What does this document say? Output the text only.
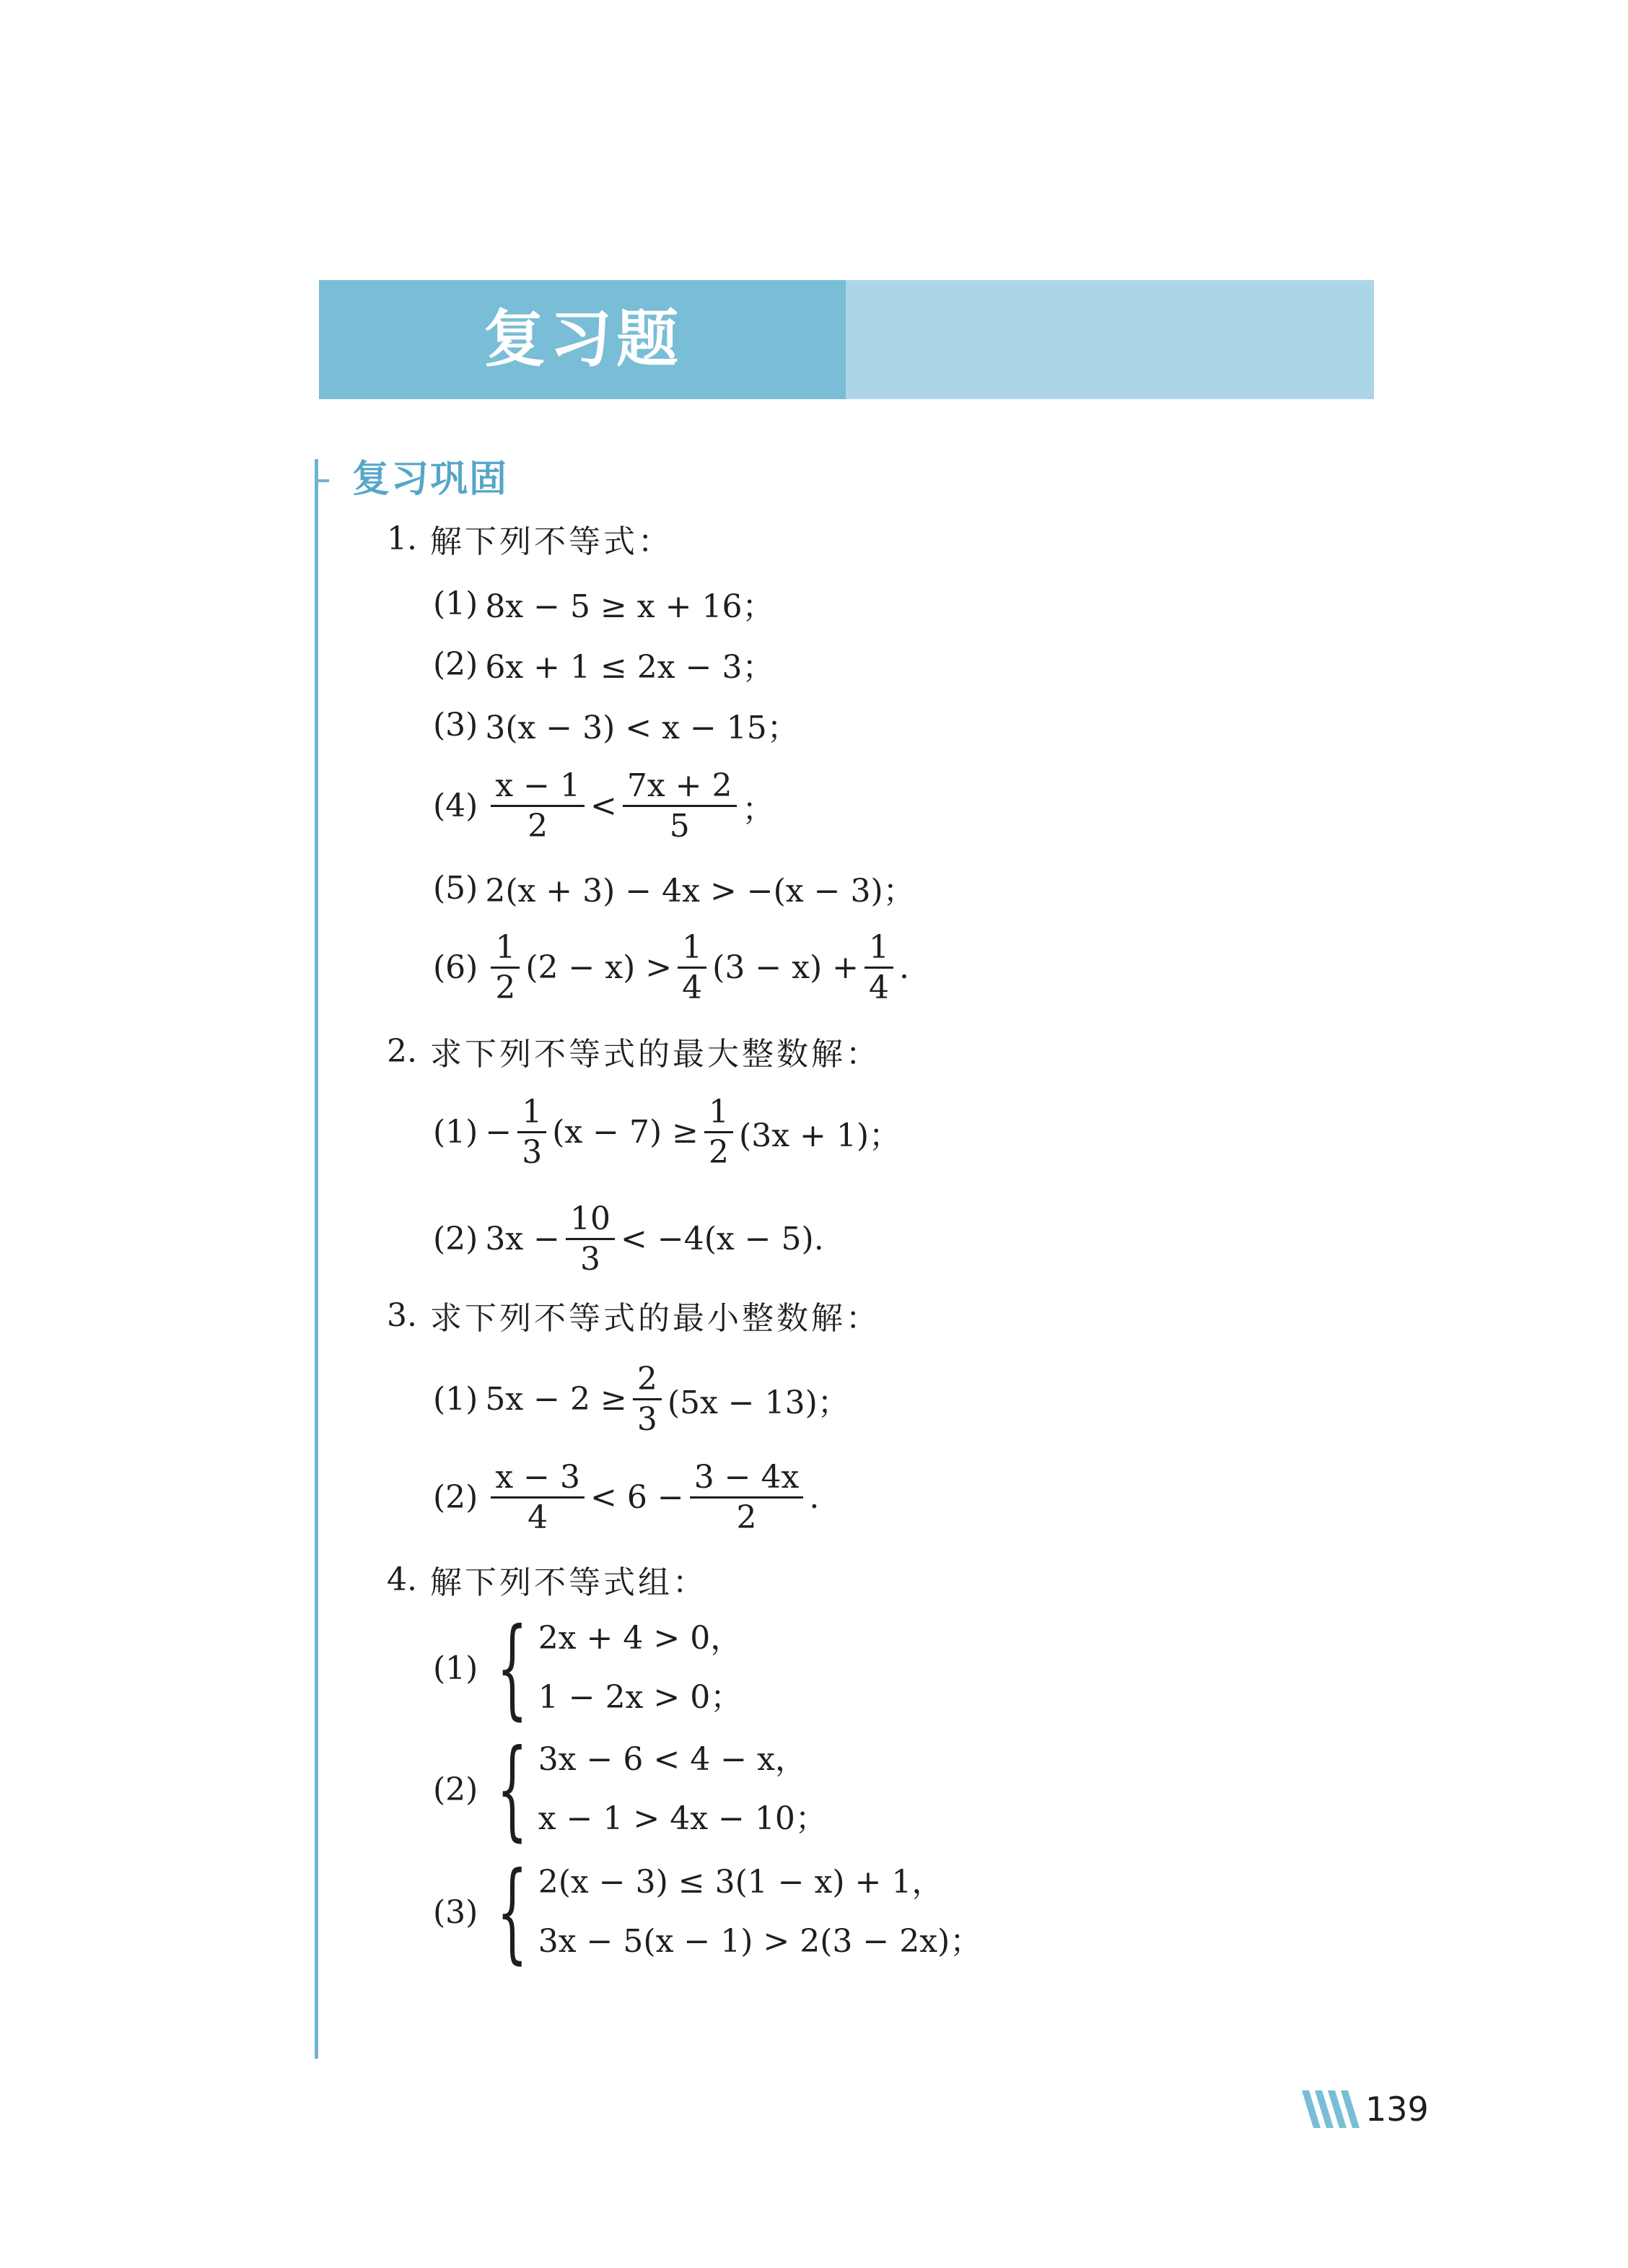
复习题
复习巩固
1. 解下列不等式：
(1) 8x − 5 ≥ x + 16；
(2) 6x + 1 ≤ 2x − 3；
(3) 3(x − 3) < x − 15；
$(4) \frac{x - 1}{2} < \frac{7x + 2}{5}$ ；
(5) 2(x + 3) − 4x > −(x − 3)；
$(6) \frac{1}{2} (2 - x) > \frac{1}{4} (3 - x) + \frac{1}{4}$ .
2. 求下列不等式的最大整数解：
$(1) - \frac{1}{3} (x - 7) \ge \frac{1}{2} (3x + 1)$；
(2) $3x - \frac{10}{3} < -4(x - 5)$.
3. 求下列不等式的最小整数解：
(1) $5x - 2 \ge \frac{2}{3} (5x - 13)$；
$(2) \frac{x - 3}{4} < 6 - \frac{3 - 4x}{2}$ .
4. 解下列不等式组：
(1) { 2x + 4 > 0，
1 − 2x > 0；
(2) { 3x − 6 < 4 − x，
x − 1 > 4x − 10；
(3) { 2(x − 3) ≤ 3(1 − x) + 1，
3x − 5(x − 1) > 2(3 − 2x)；
139
